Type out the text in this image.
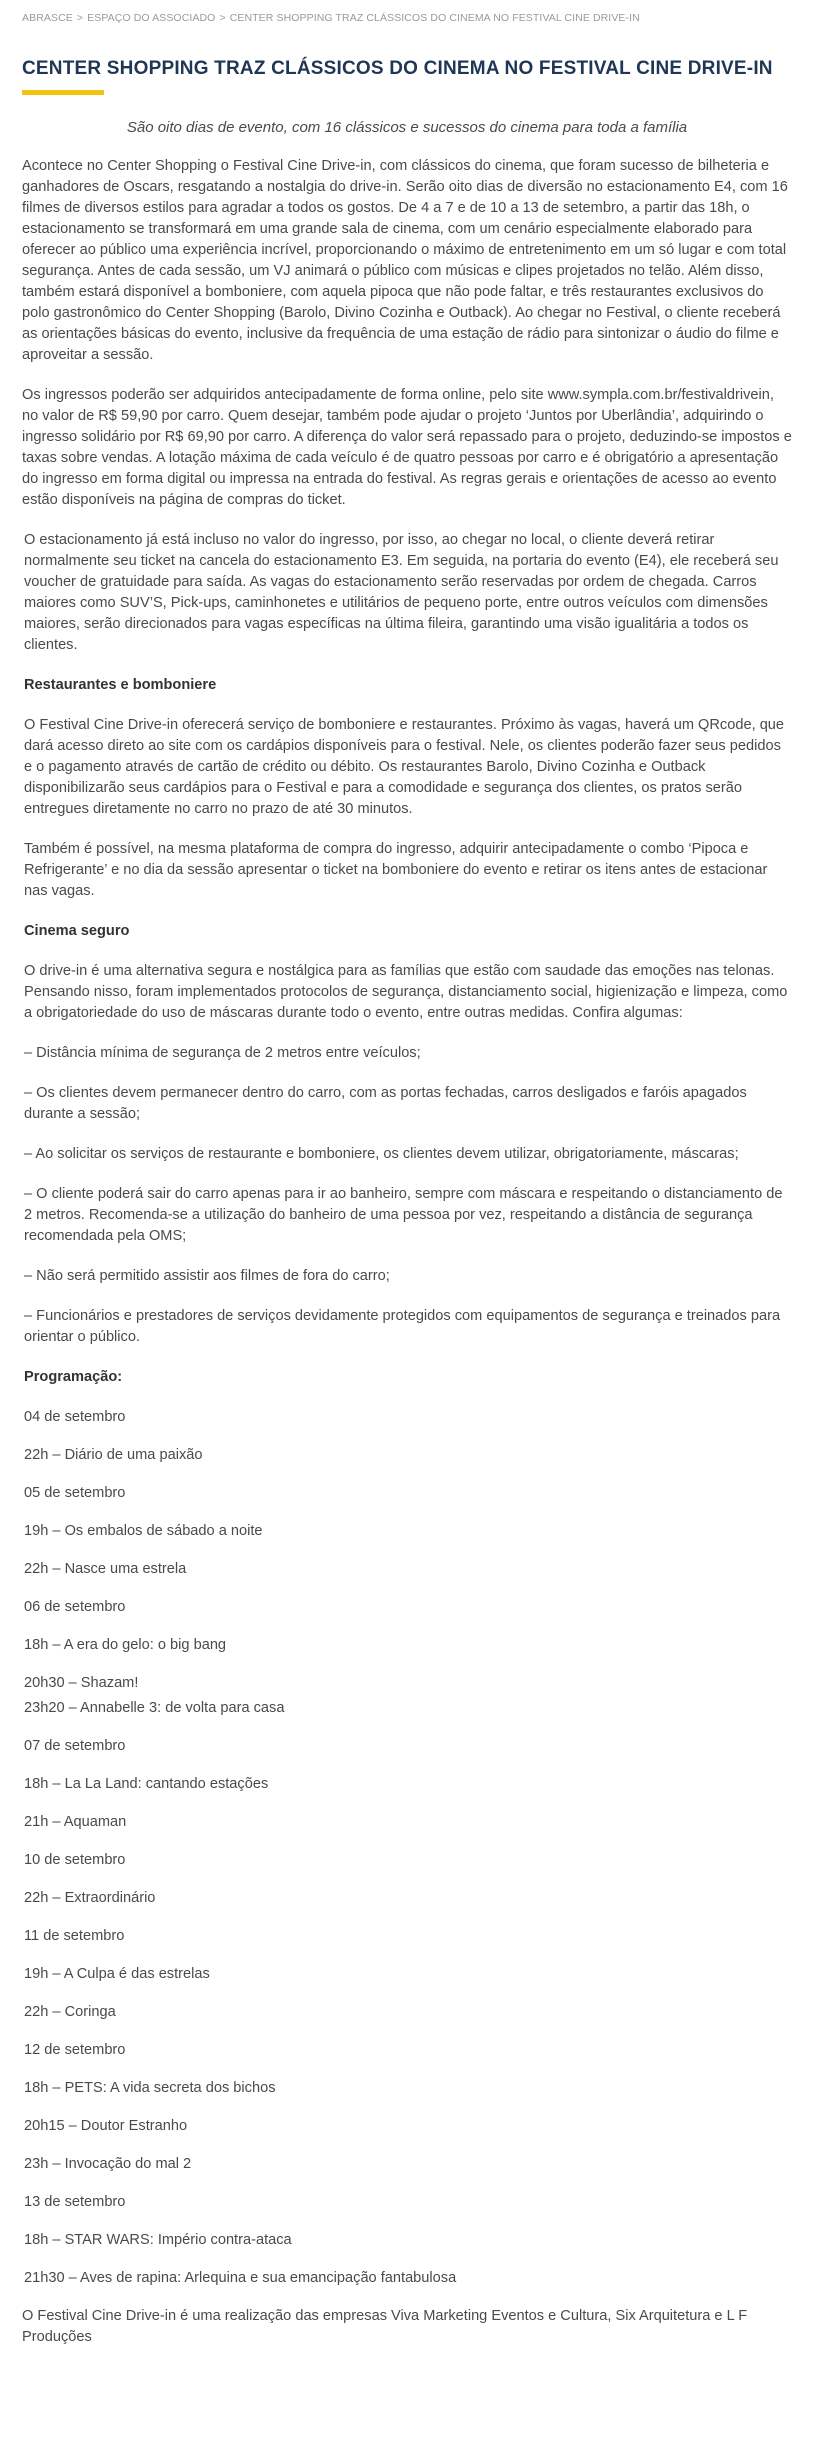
ABRASCE > ESPAÇO DO ASSOCIADO > CENTER SHOPPING TRAZ CLÁSSICOS DO CINEMA NO FESTIVAL CINE DRIVE-IN
CENTER SHOPPING TRAZ CLÁSSICOS DO CINEMA NO FESTIVAL CINE DRIVE-IN
São oito dias de evento, com 16 clássicos e sucessos do cinema para toda a família

Acontece no Center Shopping o Festival Cine Drive-in, com clássicos do cinema, que foram sucesso de bilheteria e ganhadores de Oscars, resgatando a nostalgia do drive-in. Serão oito dias de diversão no estacionamento E4, com 16 filmes de diversos estilos para agradar a todos os gostos. De 4 a 7 e de 10 a 13 de setembro, a partir das 18h, o estacionamento se transformará em uma grande sala de cinema, com um cenário especialmente elaborado para oferecer ao público uma experiência incrível, proporcionando o máximo de entretenimento em um só lugar e com total segurança. Antes de cada sessão, um VJ animará o público com músicas e clipes projetados no telão. Além disso, também estará disponível a bomboniere, com aquela pipoca que não pode faltar, e três restaurantes exclusivos do polo gastronômico do Center Shopping (Barolo, Divino Cozinha e Outback). Ao chegar no Festival, o cliente receberá as orientações básicas do evento, inclusive da frequência de uma estação de rádio para sintonizar o áudio do filme e aproveitar a sessão.

Os ingressos poderão ser adquiridos antecipadamente de forma online, pelo site www.sympla.com.br/festivaldrivein, no valor de R$ 59,90 por carro. Quem desejar, também pode ajudar o projeto ‘Juntos por Uberlândia’, adquirindo o ingresso solidário por R$ 69,90 por carro. A diferença do valor será repassado para o projeto, deduzindo-se impostos e taxas sobre vendas. A lotação máxima de cada veículo é de quatro pessoas por carro e é obrigatório a apresentação do ingresso em forma digital ou impressa na entrada do festival. As regras gerais e orientações de acesso ao evento estão disponíveis na página de compras do ticket.

O estacionamento já está incluso no valor do ingresso, por isso, ao chegar no local, o cliente deverá retirar normalmente seu ticket na cancela do estacionamento E3. Em seguida, na portaria do evento (E4), ele receberá seu voucher de gratuidade para saída. As vagas do estacionamento serão reservadas por ordem de chegada. Carros maiores como SUV’S, Pick-ups, caminhonetes e utilitários de pequeno porte, entre outros veículos com dimensões maiores, serão direcionados para vagas específicas na última fileira, garantindo uma visão igualitária a todos os clientes.

Restaurantes e bomboniere

O Festival Cine Drive-in oferecerá serviço de bomboniere e restaurantes. Próximo às vagas, haverá um QRcode, que dará acesso direto ao site com os cardápios disponíveis para o festival. Nele, os clientes poderão fazer seus pedidos e o pagamento através de cartão de crédito ou débito. Os restaurantes Barolo, Divino Cozinha e Outback disponibilizarão seus cardápios para o Festival e para a comodidade e segurança dos clientes, os pratos serão entregues diretamente no carro no prazo de até 30 minutos.

Também é possível, na mesma plataforma de compra do ingresso, adquirir antecipadamente o combo ‘Pipoca e Refrigerante’ e no dia da sessão apresentar o ticket na bomboniere do evento e retirar os itens antes de estacionar nas vagas.

Cinema seguro

O drive-in é uma alternativa segura e nostálgica para as famílias que estão com saudade das emoções nas telonas. Pensando nisso, foram implementados protocolos de segurança, distanciamento social, higienização e limpeza, como a obrigatoriedade do uso de máscaras durante todo o evento, entre outras medidas. Confira algumas:

– Distância mínima de segurança de 2 metros entre veículos;
– Os clientes devem permanecer dentro do carro, com as portas fechadas, carros desligados e faróis apagados durante a sessão;
– Ao solicitar os serviços de restaurante e bomboniere, os clientes devem utilizar, obrigatoriamente, máscaras;
– O cliente poderá sair do carro apenas para ir ao banheiro, sempre com máscara e respeitando o distanciamento de 2 metros. Recomenda-se a utilização do banheiro de uma pessoa por vez, respeitando a distância de segurança recomendada pela OMS;
– Não será permitido assistir aos filmes de fora do carro;
– Funcionários e prestadores de serviços devidamente protegidos com equipamentos de segurança e treinados para orientar o público.
Programação:
04 de setembro
22h – Diário de uma paixão
05 de setembro
19h – Os embalos de sábado a noite
22h – Nasce uma estrela
06 de setembro
18h – A era do gelo: o big bang
20h30 – Shazam!
23h20 – Annabelle 3: de volta para casa
07 de setembro
18h – La La Land: cantando estações
21h – Aquaman
10 de setembro
22h – Extraordinário
11 de setembro
19h – A Culpa é das estrelas
22h – Coringa
12 de setembro
18h – PETS: A vida secreta dos bichos
20h15 – Doutor Estranho
23h – Invocação do mal 2
13 de setembro
18h – STAR WARS: Império contra-ataca
21h30 – Aves de rapina: Arlequina e sua emancipação fantabulosa

O Festival Cine Drive-in é uma realização das empresas Viva Marketing Eventos e Cultura, Six Arquitetura e L F Produções
